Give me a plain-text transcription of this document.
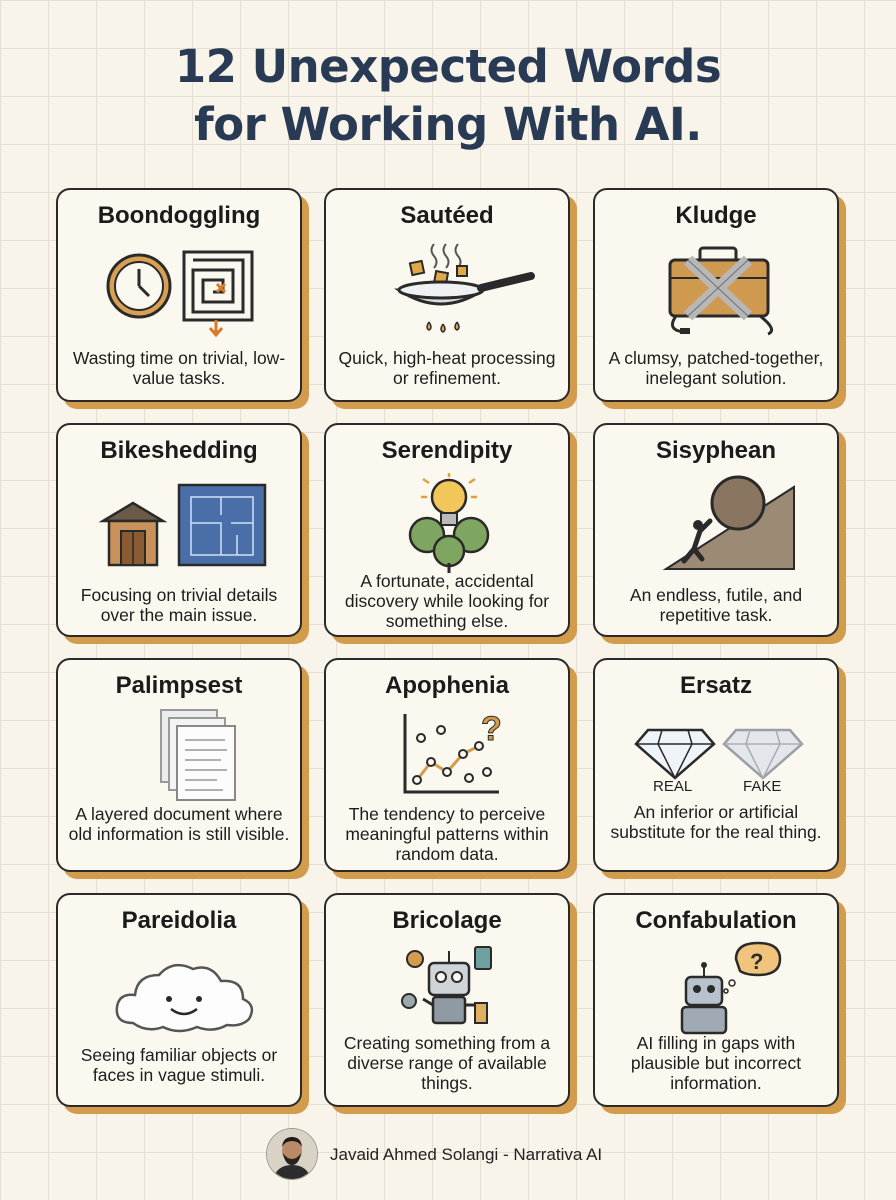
12 Unexpected Words
for Working With AI.
Boondoggling
Wasting time on trivial, low-value tasks.
Sautéed
Quick, high-heat processing or refinement.
Kludge
A clumsy, patched-together, inelegant solution.
Bikeshedding
Focusing on trivial details over the main issue.
Serendipity
A fortunate, accidental discovery while looking for something else.
Sisyphean
An endless, futile, and repetitive task.
Palimpsest
A layered document where old information is still visible.
Apophenia
?
The tendency to perceive meaningful patterns within random data.
Ersatz
REAL	FAKE
An inferior or artificial substitute for the real thing.
Pareidolia
Seeing familiar objects or faces in vague stimuli.
Bricolage
Creating something from a diverse range of available things.
Confabulation
?
AI filling in gaps with plausible but incorrect information.
Javaid Ahmed Solangi - Narrativa AI
